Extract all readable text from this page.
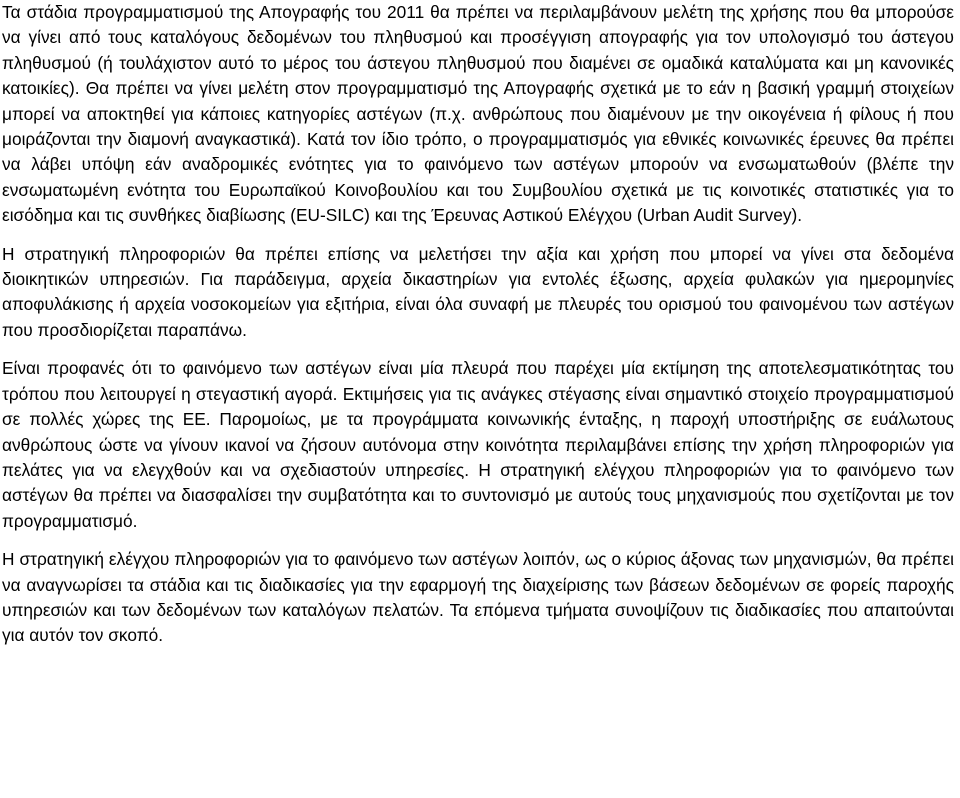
Τα στάδια προγραμματισμού της Απογραφής του 2011 θα πρέπει να περιλαμβάνουν μελέτη της χρήσης που θα μπορούσε να γίνει από τους καταλόγους δεδομένων του πληθυσμού και προσέγγιση απογραφής για τον υπολογισμό του άστεγου πληθυσμού (ή τουλάχιστον αυτό το μέρος του άστεγου πληθυσμού που διαμένει σε ομαδικά καταλύματα και μη κανονικές κατοικίες). Θα πρέπει να γίνει μελέτη στον προγραμματισμό της Απογραφής σχετικά με το εάν η βασική γραμμή στοιχείων μπορεί να αποκτηθεί για κάποιες κατηγορίες αστέγων (π.χ. ανθρώπους που διαμένουν με την οικογένεια ή φίλους ή που μοιράζονται την διαμονή αναγκαστικά). Κατά τον ίδιο τρόπο, ο προγραμματισμός για εθνικές κοινωνικές έρευνες θα πρέπει να λάβει υπόψη εάν αναδρομικές ενότητες για το φαινόμενο των αστέγων μπορούν να ενσωματωθούν (βλέπε την ενσωματωμένη ενότητα του Ευρωπαϊκού Κοινοβουλίου και του Συμβουλίου σχετικά με τις κοινοτικές στατιστικές για το εισόδημα και τις συνθήκες διαβίωσης (EU-SILC) και της Έρευνας Αστικού Ελέγχου (Urban Audit Survey).

Η στρατηγική πληροφοριών θα πρέπει επίσης να μελετήσει την αξία και χρήση που μπορεί να γίνει στα δεδομένα διοικητικών υπηρεσιών. Για παράδειγμα, αρχεία δικαστηρίων για εντολές έξωσης, αρχεία φυλακών για ημερομηνίες αποφυλάκισης ή αρχεία νοσοκομείων για εξιτήρια, είναι όλα συναφή με πλευρές του ορισμού του φαινομένου των αστέγων που προσδιορίζεται παραπάνω.

Είναι προφανές ότι το φαινόμενο των αστέγων είναι μία πλευρά που παρέχει μία εκτίμηση της αποτελεσματικότητας του τρόπου που λειτουργεί η στεγαστική αγορά. Εκτιμήσεις για τις ανάγκες στέγασης είναι σημαντικό στοιχείο προγραμματισμού σε πολλές χώρες της ΕΕ. Παρομοίως, με τα προγράμματα κοινωνικής ένταξης, η παροχή υποστήριξης σε ευάλωτους ανθρώπους ώστε να γίνουν ικανοί να ζήσουν αυτόνομα στην κοινότητα περιλαμβάνει επίσης την χρήση πληροφοριών για πελάτες για να ελεγχθούν και να σχεδιαστούν υπηρεσίες. Η στρατηγική ελέγχου πληροφοριών για το φαινόμενο των αστέγων θα πρέπει να διασφαλίσει την συμβατότητα και το συντονισμό με αυτούς τους μηχανισμούς που σχετίζονται με τον προγραμματισμό.

Η στρατηγική ελέγχου πληροφοριών για το φαινόμενο των αστέγων λοιπόν, ως ο κύριος άξονας των μηχανισμών, θα πρέπει να αναγνωρίσει τα στάδια και τις διαδικασίες για την εφαρμογή της διαχείρισης των βάσεων δεδομένων σε φορείς παροχής υπηρεσιών και των δεδομένων των καταλόγων πελατών. Τα επόμενα τμήματα συνοψίζουν τις διαδικασίες που απαιτούνται για αυτόν τον σκοπό.
